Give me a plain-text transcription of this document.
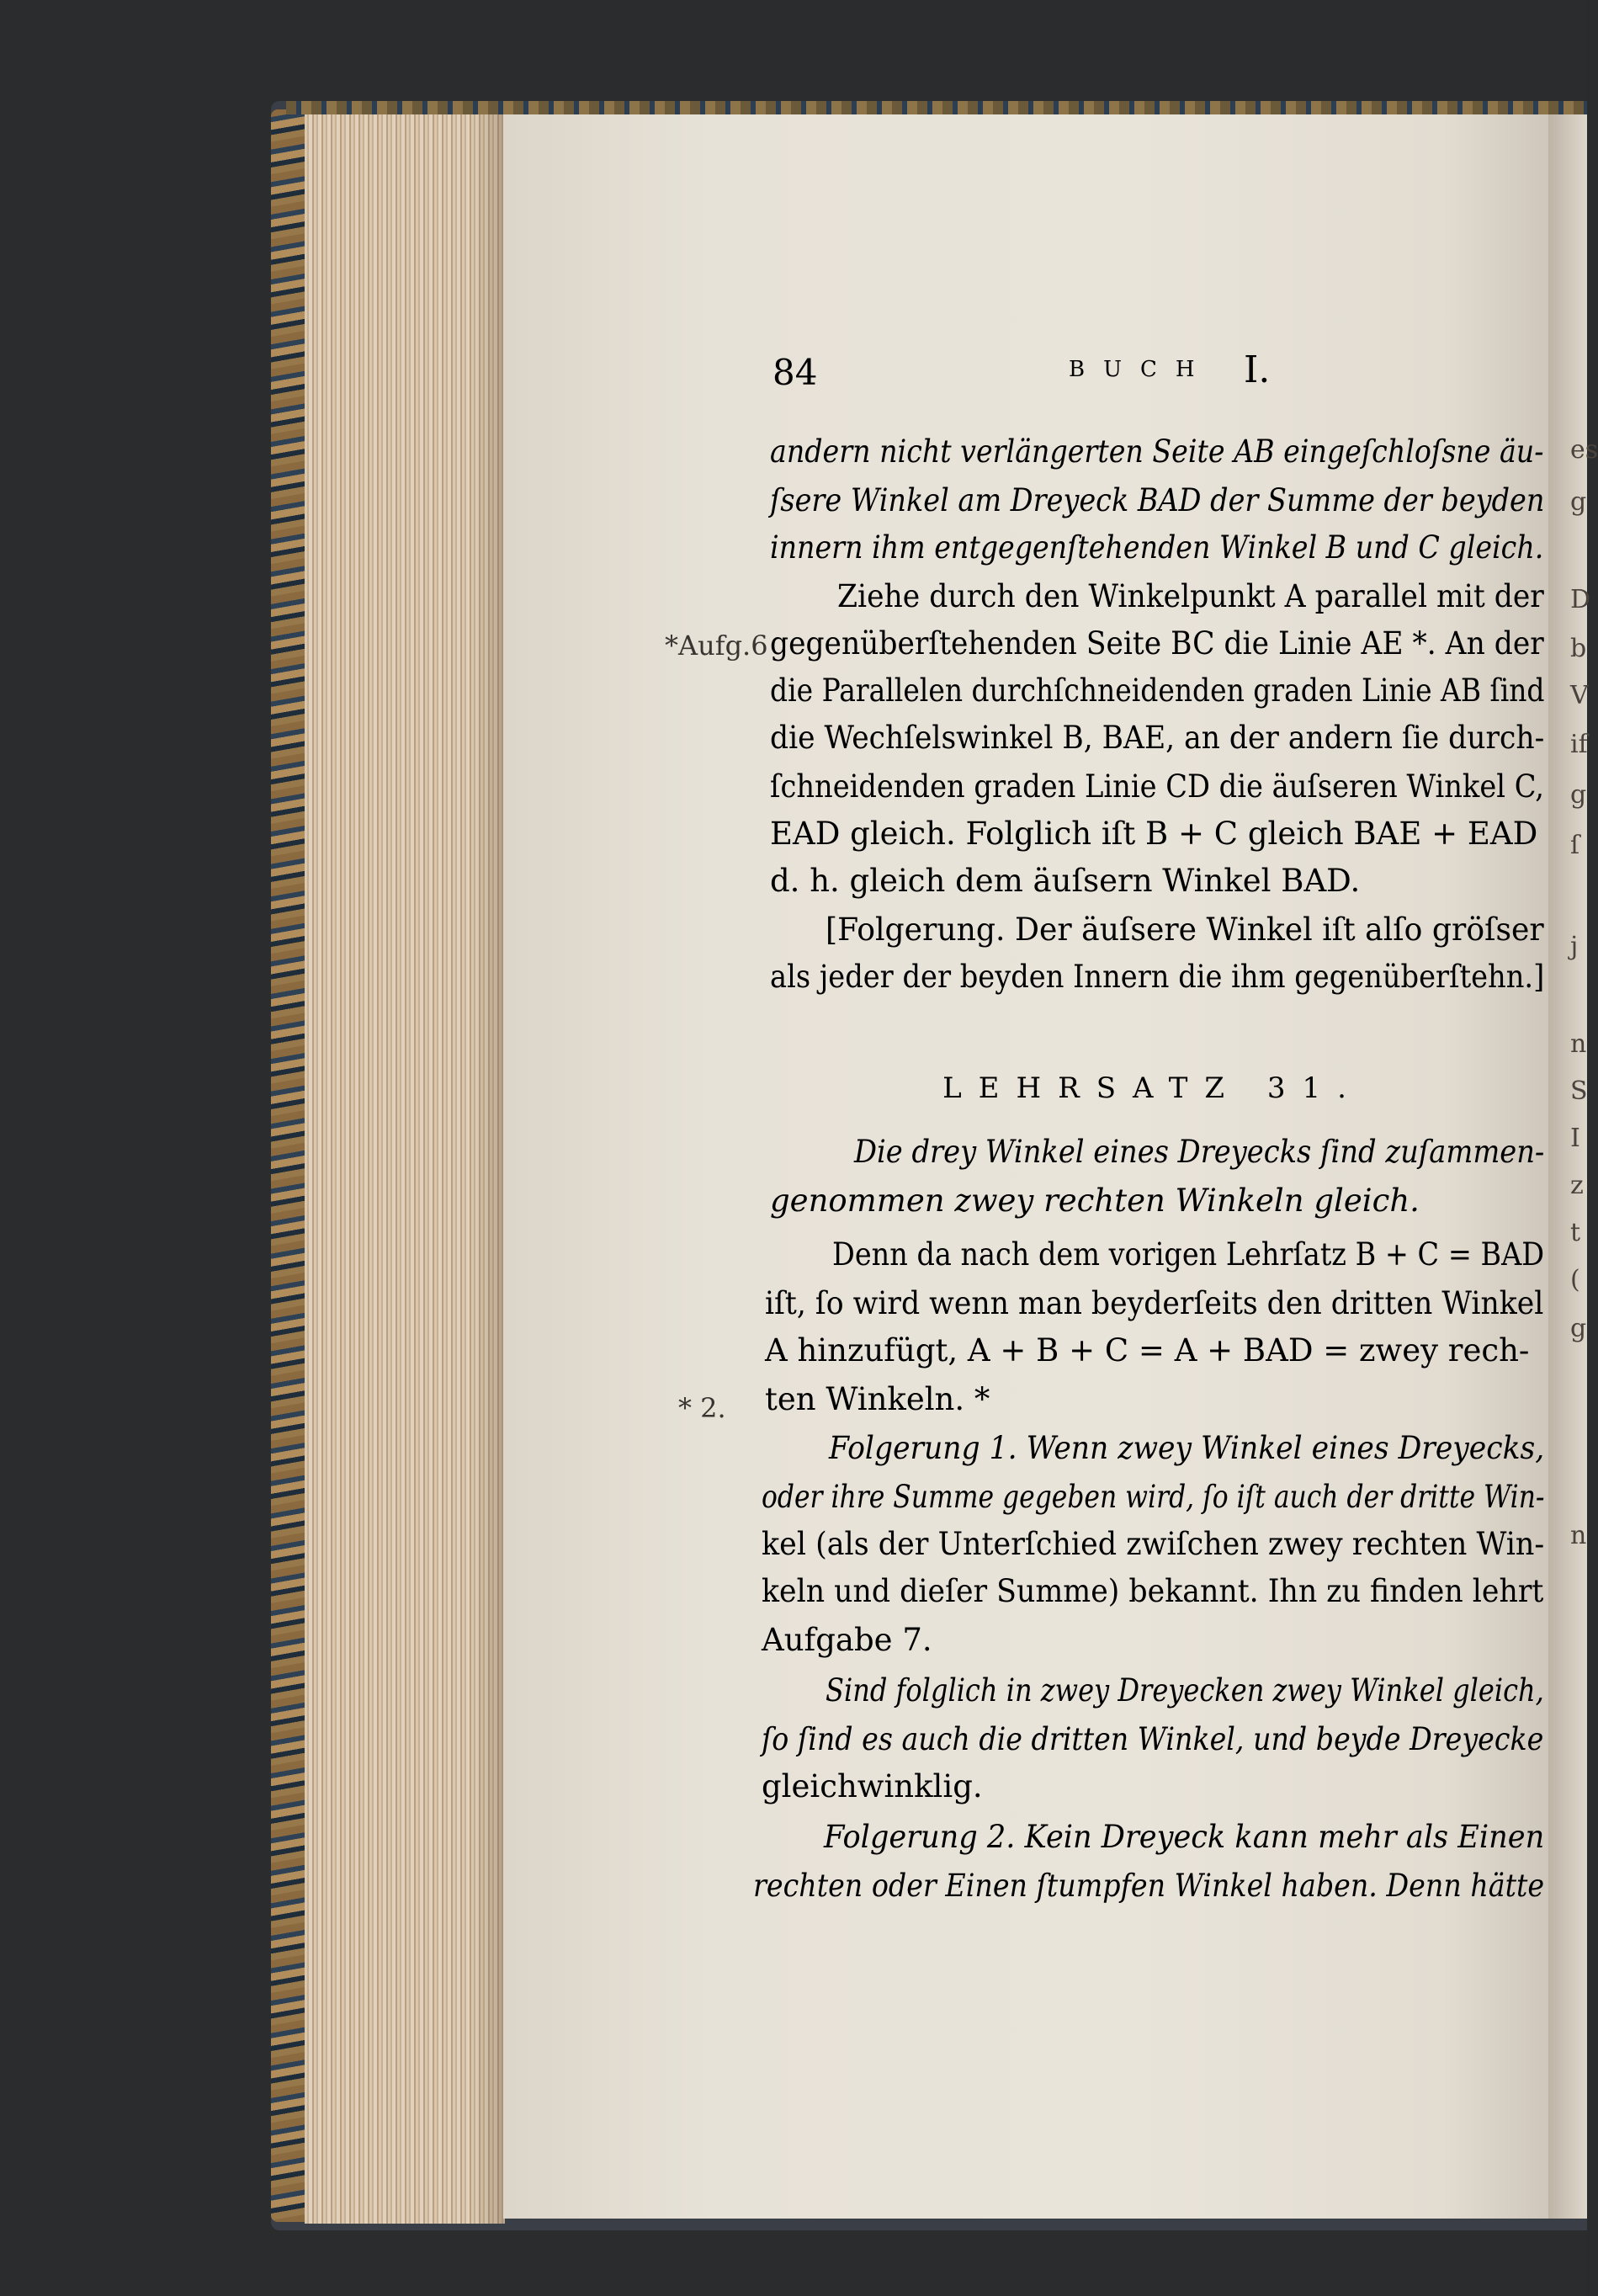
es
g
D
b
V
if
g
ſ
j
n
S
I
z
t
(
g
n
84	BUCH I.
*Aufg.6
* 2.
andern nicht verlängerten Seite AB eingeſchloſsne äu-
ſsere Winkel am Dreyeck BAD der Summe der beyden
innern ihm entgegenſtehenden Winkel B und C gleich.
Ziehe durch den Winkelpunkt A parallel mit der
gegenüberſtehenden Seite BC die Linie AE *. An der
die Parallelen durchſchneidenden graden Linie AB ſind
die Wechſelswinkel B, BAE, an der andern ſie durch-
ſchneidenden graden Linie CD die äuſseren Winkel C,
EAD gleich. Folglich iſt B + C gleich BAE + EAD
d. h. gleich dem äuſsern Winkel BAD.
[Folgerung. Der äuſsere Winkel iſt alſo gröſser
als jeder der beyden Innern die ihm gegenüberſtehn.]
LEHRSATZ 31.
Die drey Winkel eines Dreyecks ſind zuſammen-
genommen zwey rechten Winkeln gleich.
Denn da nach dem vorigen Lehrſatz B + C = BAD
iſt, ſo wird wenn man beyderſeits den dritten Winkel
A hinzufügt, A + B + C = A + BAD = zwey rech-
ten Winkeln. *
Folgerung 1. Wenn zwey Winkel eines Dreyecks,
oder ihre Summe gegeben wird, ſo iſt auch der dritte Win-
kel (als der Unterſchied zwiſchen zwey rechten Win-
keln und dieſer Summe) bekannt. Ihn zu finden lehrt
Aufgabe 7.
Sind folglich in zwey Dreyecken zwey Winkel gleich,
ſo ſind es auch die dritten Winkel, und beyde Dreyecke
gleichwinklig.
Folgerung 2. Kein Dreyeck kann mehr als Einen
rechten oder Einen ſtumpfen Winkel haben. Denn hätte
